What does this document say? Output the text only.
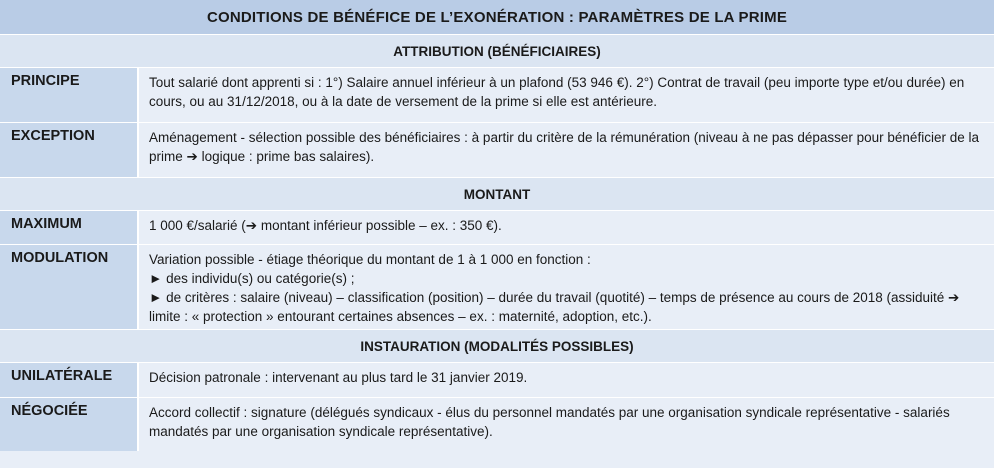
CONDITIONS DE BÉNÉFICE DE L’EXONÉRATION : PARAMÈTRES DE LA PRIME
ATTRIBUTION (BÉNÉFICIAIRES)
PRINCIPE	Tout salarié dont apprenti si : 1°) Salaire annuel inférieur à un plafond (53 946 €). 2°) Contrat de travail (peu importe type et/ou durée) en cours, ou au 31/12/2018, ou à la date de versement de la prime si elle est antérieure.
EXCEPTION	Aménagement - sélection possible des bénéficiaires : à partir du critère de la rémunération (niveau à ne pas dépasser pour bénéficier de la prime ➔ logique : prime bas salaires).
MONTANT
MAXIMUM	1 000 €/salarié (➔ montant inférieur possible – ex. : 350 €).
MODULATION	Variation possible - étiage théorique du montant de 1 à 1 000 en fonction :
► des individu(s) ou catégorie(s) ;
► de critères : salaire (niveau) – classification (position) – durée du travail (quotité) – temps de présence au cours de 2018 (assiduité ➔ limite : « protection » entourant certaines absences – ex. : maternité, adoption, etc.).
INSTAURATION (MODALITÉS POSSIBLES)
UNILATÉRALE	Décision patronale : intervenant au plus tard le 31 janvier 2019.
NÉGOCIÉE	Accord collectif : signature (délégués syndicaux - élus du personnel mandatés par une organisation syndicale représentative - salariés mandatés par une organisation syndicale représentative).
